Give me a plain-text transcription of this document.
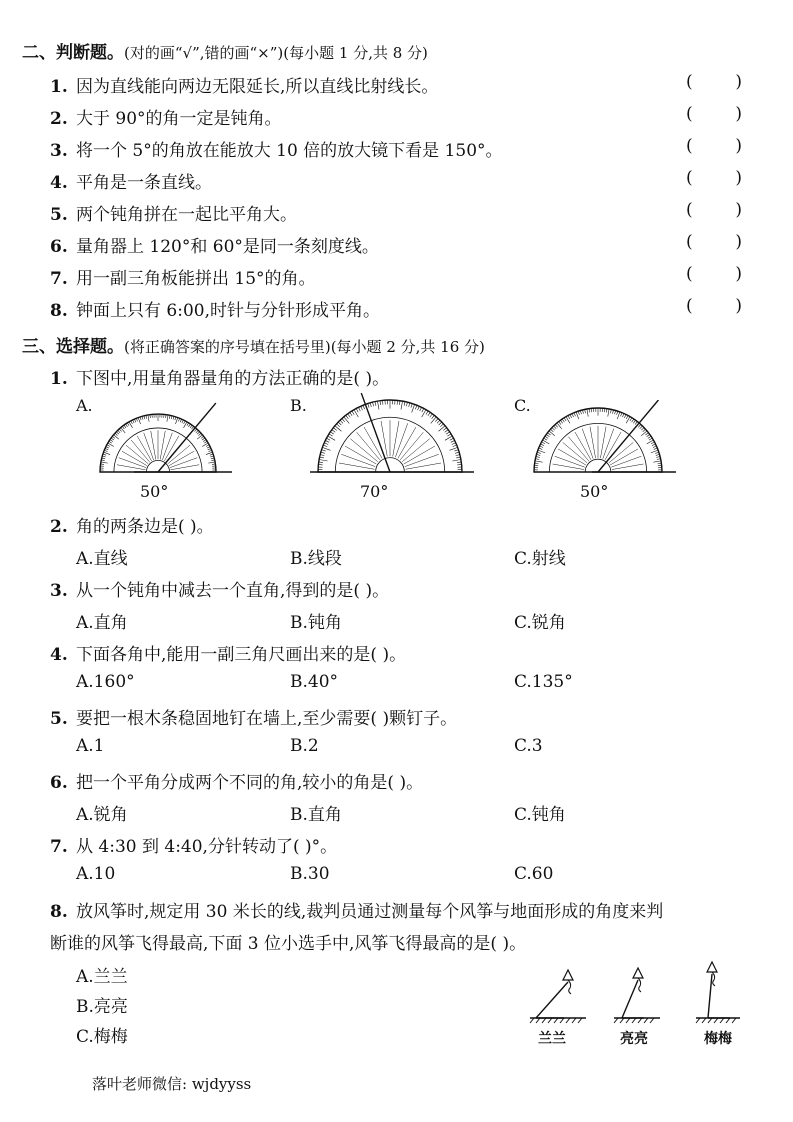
二、判断题。(对的画“√”,错的画“×”)(每小题 1 分,共 8 分)
1. 因为直线能向两边无限延长,所以直线比射线长。	(	)
2. 大于 90°的角一定是钝角。	(	)
3. 将一个 5°的角放在能放大 10 倍的放大镜下看是 150°。	(	)
4. 平角是一条直线。	(	)
5. 两个钝角拼在一起比平角大。	(	)
6. 量角器上 120°和 60°是同一条刻度线。	(	)
7. 用一副三角板能拼出 15°的角。	(	)
8. 钟面上只有 6:00,时针与分针形成平角。	(	)
三、选择题。(将正确答案的序号填在括号里)(每小题 2 分,共 16 分)
1. 下图中,用量角器量角的方法正确的是( )。
A.	B.	C.
50°	70°	50°
2. 角的两条边是( )。
A.直线	B.线段	C.射线
3. 从一个钝角中减去一个直角,得到的是( )。
A.直角	B.钝角	C.锐角
4. 下面各角中,能用一副三角尺画出来的是( )。
A.160°	B.40°	C.135°
5. 要把一根木条稳固地钉在墙上,至少需要( )颗钉子。
A.1	B.2	C.3
6. 把一个平角分成两个不同的角,较小的角是( )。
A.锐角	B.直角	C.钝角
7. 从 4:30 到 4:40,分针转动了( )°。
A.10	B.30	C.60
8. 放风筝时,规定用 30 米长的线,裁判员通过测量每个风筝与地面形成的角度来判
断谁的风筝飞得最高,下面 3 位小选手中,风筝飞得最高的是( )。
A.兰兰
B.亮亮
C.梅梅	兰兰	亮亮	梅梅
落叶老师微信: wjdyyss
